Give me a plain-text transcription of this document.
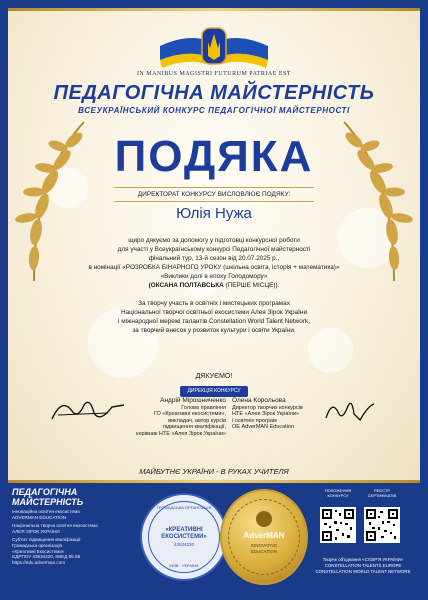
IN MANIBUS MAGISTRI FUTURUM PATRIAE EST
ПЕДАГОГІЧНА МАЙСТЕРНІСТЬ
ВСЕУКРАЇНСЬКИЙ КОНКУРС ПЕДАГОГІЧНОЇ МАЙСТЕРНОСТІ
ПОДЯКА
ДИРЕКТОРАТ КОНКУРСУ ВИСЛОВЛЮЄ ПОДЯКУ:
Юлія Нужа
щиро дякуємо за допомогу у підготовці конкурсної роботи
для участі у Всеукраїнському конкурсі Педагогічної майстерності
фінальний тур, 13-й сезон від 20.07.2025 р.,
в номінації «РОЗРОБКА БІНАРНОГО УРОКУ (шкільна освіта, історія + математика)»
«Виклики долі в епоху Голодомору»
(ОКСАНА ПОЛТАВСЬКА (ПЕРШЕ МІСЦЕ)).
За творчу участь в освітніх і мистецьких програмах
Національної творчої освітньої екосистеми Алея Зірок України
і міжнародної мережі талантів Constellation World Talent Network,
за творчий внесок у розвиток культури і освіти України.
ДЯКУЄМО!
ДИРЕКЦІЯ КОНКУРСУ
Андрій Мірошниченко
Голова правління
ГО «Креативні екосистеми»,
викладач, автор курсів
підвищення кваліфікації,
керівник НТЕ «Алея Зірок України»
Олена Корольова
Директор творчих конкурсів
НТЕ «Алея Зірок України»
і освітніх програм
ОЕ AdverMAN Education
МАЙБУТНЄ УКРАЇНИ - В РУКАХ УЧИТЕЛЯ
ПЕДАГОГІЧНА
МАЙСТЕРНІСТЬ
Інноваційна освітня екосистема
ADVERMAN EDUCATION
Національна творча освітня екосистема
АЛЕЯ ЗІРОК УКРАЇНИ
Суб'єкт підвищення кваліфікації:
Громадська організація
«Креативні Екосистеми»
ЄДРПОУ 43534220, КВЕД 85.59
https://edu.adverman.com
ГРОМАДСЬКА ОРГАНІЗАЦІЯ
«КРЕАТИВНІ
ЕКОСИСТЕМИ»
43534220
КИЇВ · УКРАЇНА
AdverMAN
INNOVATIVE
EDUCATION
ПОЛОЖЕННЯ
КОНКУРСУ
РЕЄСТР
СЕРТИФІКАТІВ
Творче об'єднання «СУЗІР'Я УКРАЇНИ»
CONSTELLATION TALENTS EUROPE
CONSTELLATION WORLD TALENT NETWORK
